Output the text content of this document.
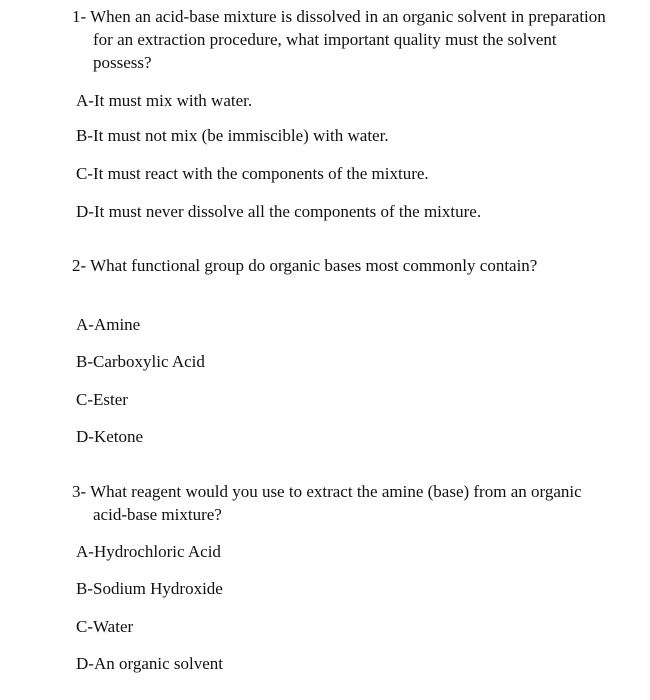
1- When an acid-base mixture is dissolved in an organic solvent in preparation for an extraction procedure, what important quality must the solvent possess?

A-It must mix with water.

B-It must not mix (be immiscible) with water.

C-It must react with the components of the mixture.

D-It must never dissolve all the components of the mixture.

2- What functional group do organic bases most commonly contain?

A-Amine

B-Carboxylic Acid

C-Ester

D-Ketone

3- What reagent would you use to extract the amine (base) from an organic acid-base mixture?

A-Hydrochloric Acid

B-Sodium Hydroxide

C-Water

D-An organic solvent
